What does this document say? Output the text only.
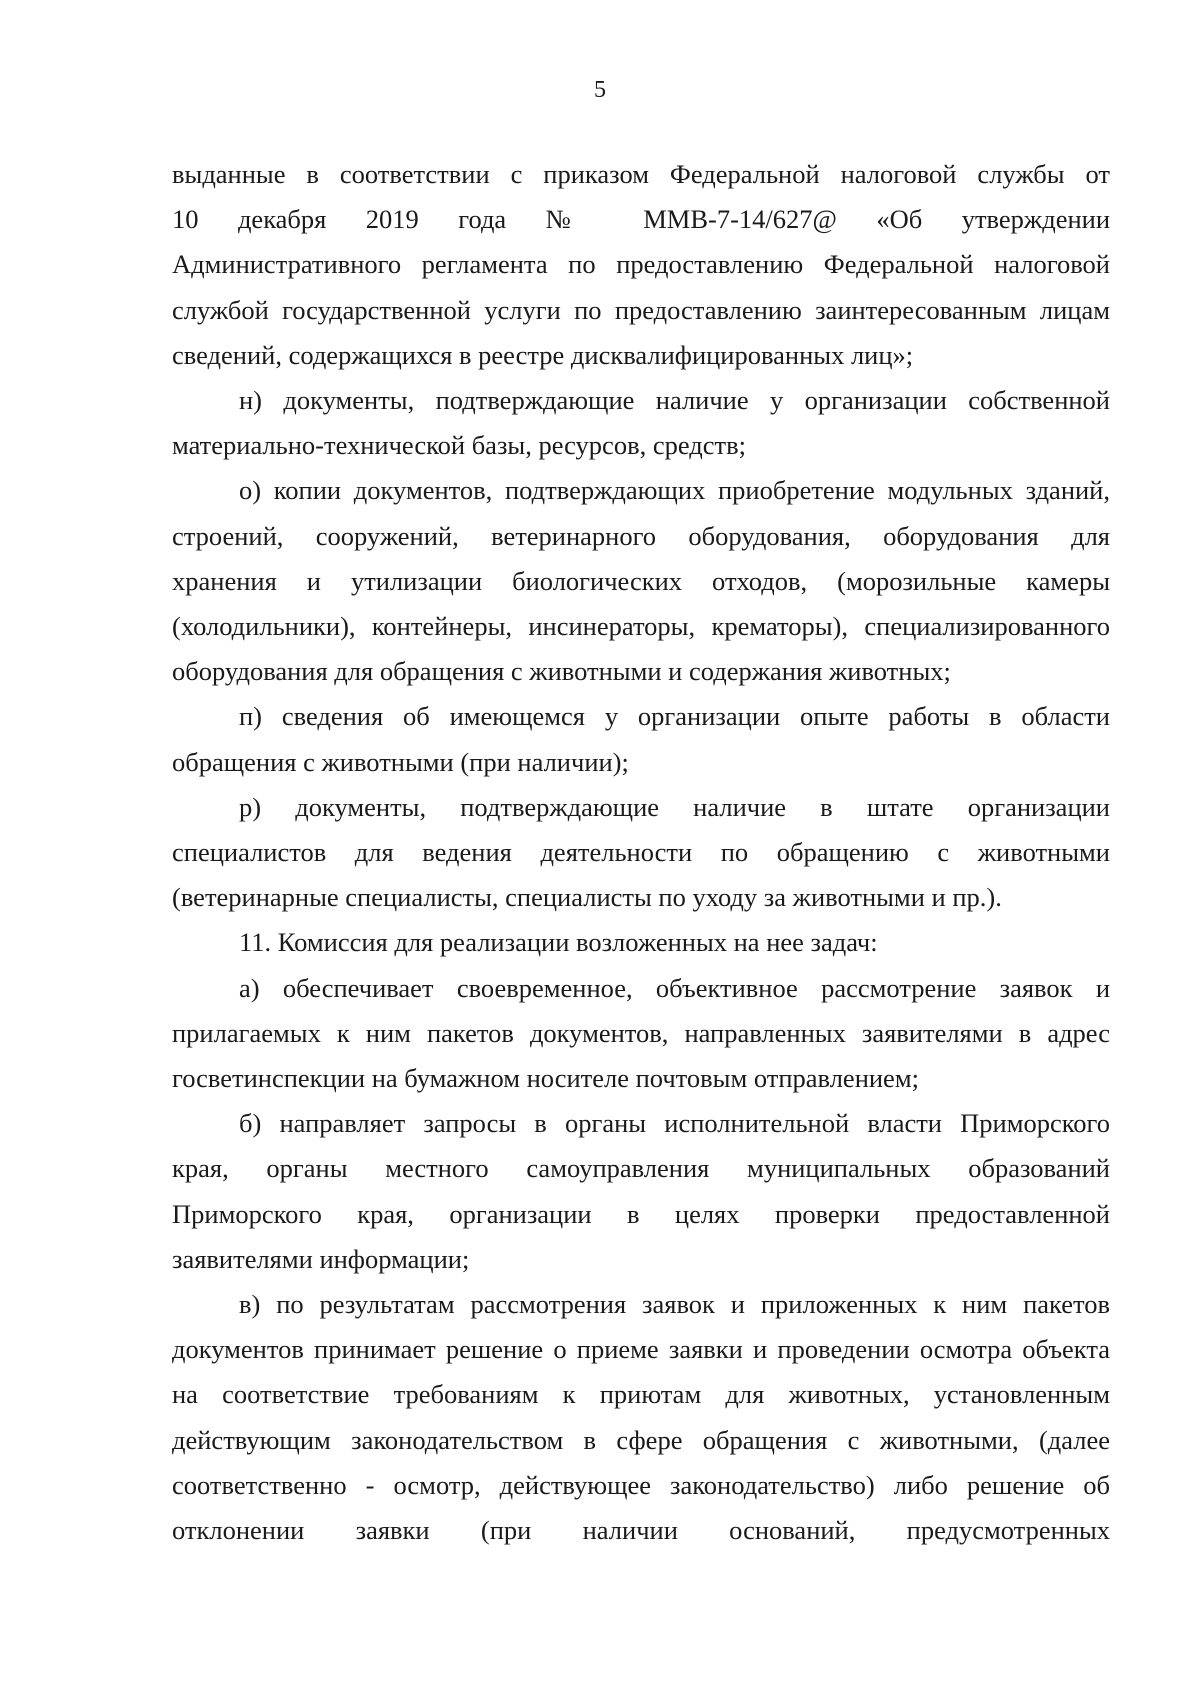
5

выданные в соответствии с приказом Федеральной налоговой службы от
10 декабря 2019 года № ММВ-7-14/627@ «Об утверждении
Административного регламента по предоставлению Федеральной налоговой
службой государственной услуги по предоставлению заинтересованным лицам
сведений, содержащихся в реестре дисквалифицированных лиц»;

н) документы, подтверждающие наличие у организации собственной
материально-технической базы, ресурсов, средств;

о) копии документов, подтверждающих приобретение модульных зданий,
строений, сооружений, ветеринарного оборудования, оборудования для
хранения и утилизации биологических отходов, (морозильные камеры
(холодильники), контейнеры, инсинераторы, крематоры), специализированного
оборудования для обращения с животными и содержания животных;

п) сведения об имеющемся у организации опыте работы в области
обращения с животными (при наличии);

р) документы, подтверждающие наличие в штате организации
специалистов для ведения деятельности по обращению с животными
(ветеринарные специалисты, специалисты по уходу за животными и пр.).

11. Комиссия для реализации возложенных на нее задач:

а) обеспечивает своевременное, объективное рассмотрение заявок и
прилагаемых к ним пакетов документов, направленных заявителями в адрес
госветинспекции на бумажном носителе почтовым отправлением;

б) направляет запросы в органы исполнительной власти Приморского
края, органы местного самоуправления муниципальных образований
Приморского края, организации в целях проверки предоставленной
заявителями информации;

в) по результатам рассмотрения заявок и приложенных к ним пакетов
документов принимает решение о приеме заявки и проведении осмотра объекта
на соответствие требованиям к приютам для животных, установленным
действующим законодательством в сфере обращения с животными, (далее
соответственно - осмотр, действующее законодательство) либо решение об
отклонении заявки (при наличии оснований, предусмотренных
